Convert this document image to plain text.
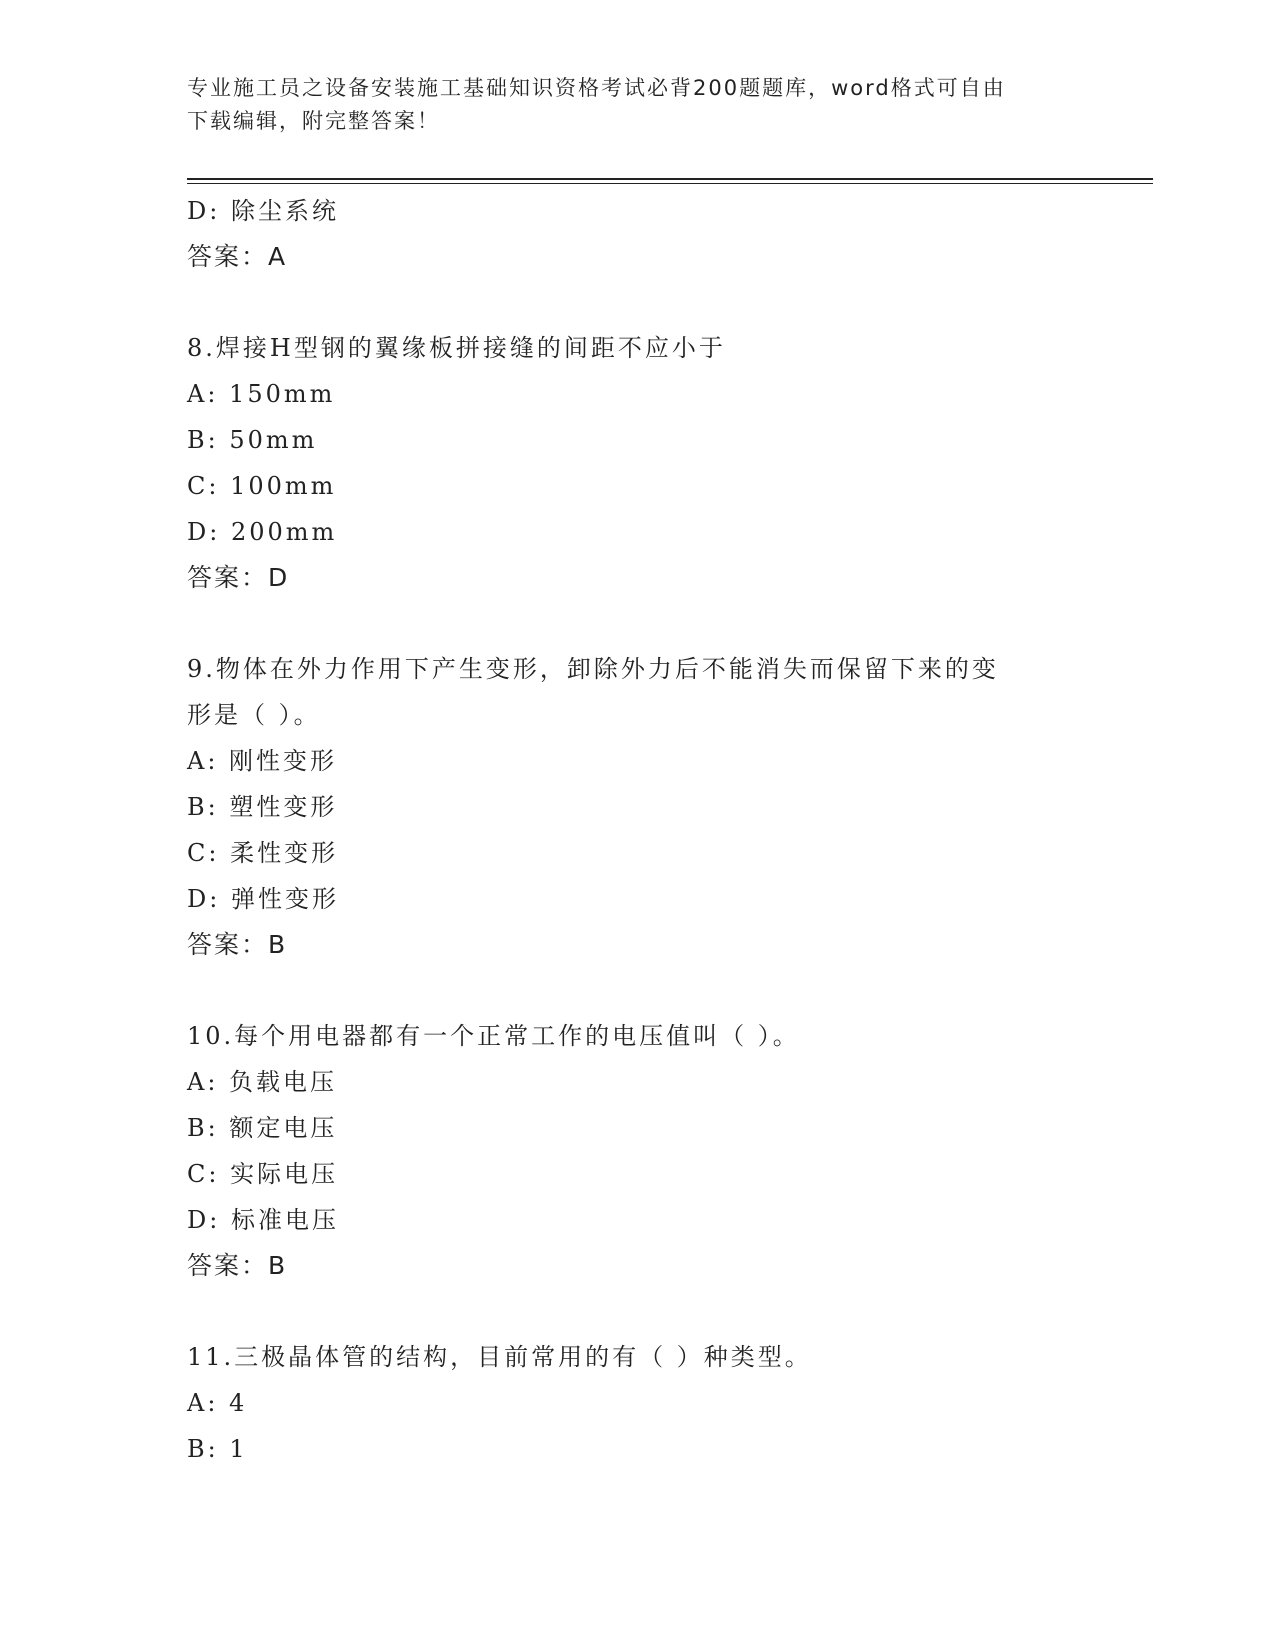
专业施工员之设备安装施工基础知识资格考试必背200题题库，word格式可自由
下载编辑，附完整答案！
D: 除尘系统
答案：A
8.焊接H型钢的翼缘板拼接缝的间距不应小于
A: 150mm
B: 50mm
C: 100mm
D: 200mm
答案：D
9.物体在外力作用下产生变形，卸除外力后不能消失而保留下来的变
形是（ ）。
A: 刚性变形
B: 塑性变形
C: 柔性变形
D: 弹性变形
答案：B
10.每个用电器都有一个正常工作的电压值叫（ ）。
A: 负载电压
B: 额定电压
C: 实际电压
D: 标准电压
答案：B
11.三极晶体管的结构，目前常用的有（ ）种类型。
A: 4
B: 1
